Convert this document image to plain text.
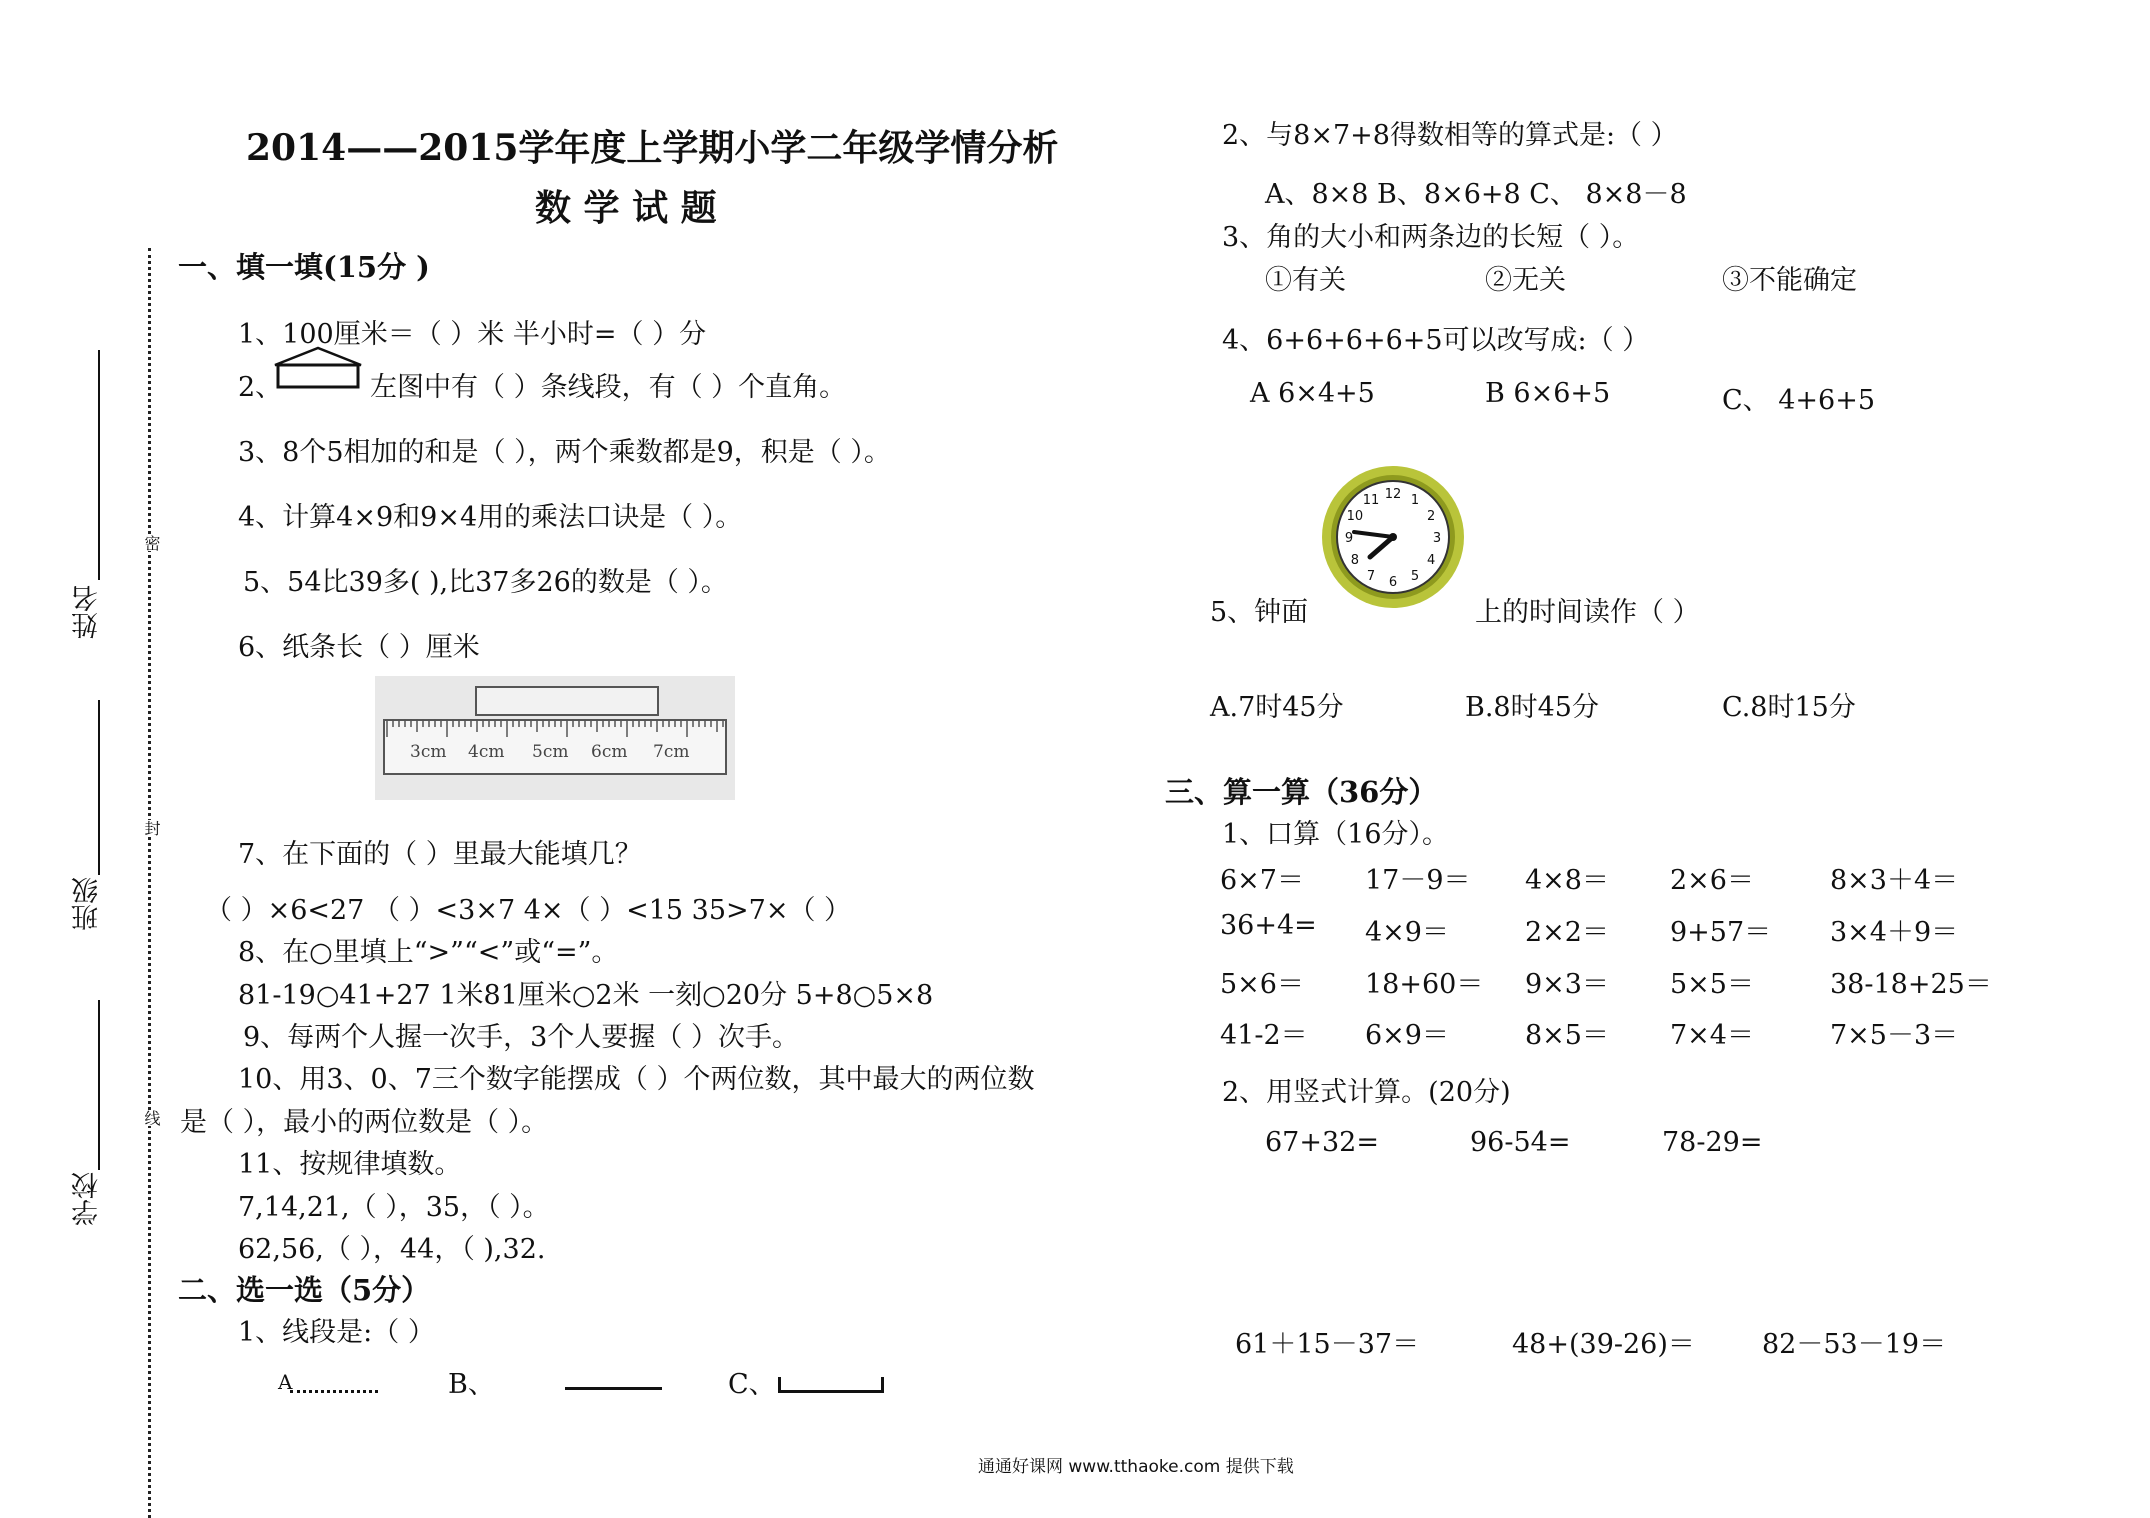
2014——2015学年度上学期小学二年级学情分析
数 学 试 题
姓名
班级
学校
密
封
线
一、填一填(15分 )
1、100厘米＝（ ）米 半小时=（ ）分
2、	左图中有（ ）条线段，有（ ）个直角。
3、8个5相加的和是（ ），两个乘数都是9，积是（ ）。
4、计算4×9和9×4用的乘法口诀是（ ）。
5、54比39多( ),比37多26的数是（ ）。
6、纸条长（ ）厘米
3cm 4cm 5cm 6cm 7cm
7、在下面的（ ）里最大能填几？
（ ）×6<27 （ ）<3×7 4×（ ）<15 35>7×（ ）
8、在○里填上“>”“<”或“=”。
81-19○41+27 1米81厘米○2米 一刻○20分 5+8○5×8
9、每两个人握一次手，3个人要握（ ）次手。
10、用3、0、7三个数字能摆成（ ）个两位数，其中最大的两位数
是（ ），最小的两位数是（ ）。
11、按规律填数。
7,14,21,（ ），35，（ ）。
62,56,（ ），44，（ ),32.
二、选一选（5分）
1、线段是:（ ）
A	B、	C、
2、与8×7+8得数相等的算式是:（ ）
A、8×8 B、8×6+8 C、 8×8－8
3、角的大小和两条边的长短（ ）。
①有关	②无关	③不能确定
4、6+6+6+6+5可以改写成:（ ）
A 6×4+5	B 6×6+5	C、 4+6+5
12 1
2
3
4
5
6
7
8
9
10
11
5、钟面	上的时间读作（ ）
A.7时45分	B.8时45分	C.8时15分
三、算一算（36分）
1、口算（16分）。
6×7＝ 17－9＝ 4×8＝ 2×6＝	8×3＋4＝
36+4= 4×9＝	2×2＝ 9+57＝ 3×4＋9＝
5×6＝ 18+60＝ 9×3＝ 5×5＝	38-18+25＝
41-2＝ 6×9＝	8×5＝ 7×4＝	7×5－3＝
2、用竖式计算。(20分)
67+32=	96-54=	78-29=
61＋15－37＝	48+(39-26)＝ 82－53－19＝
通通好课网 www.tthaoke.com 提供下载
